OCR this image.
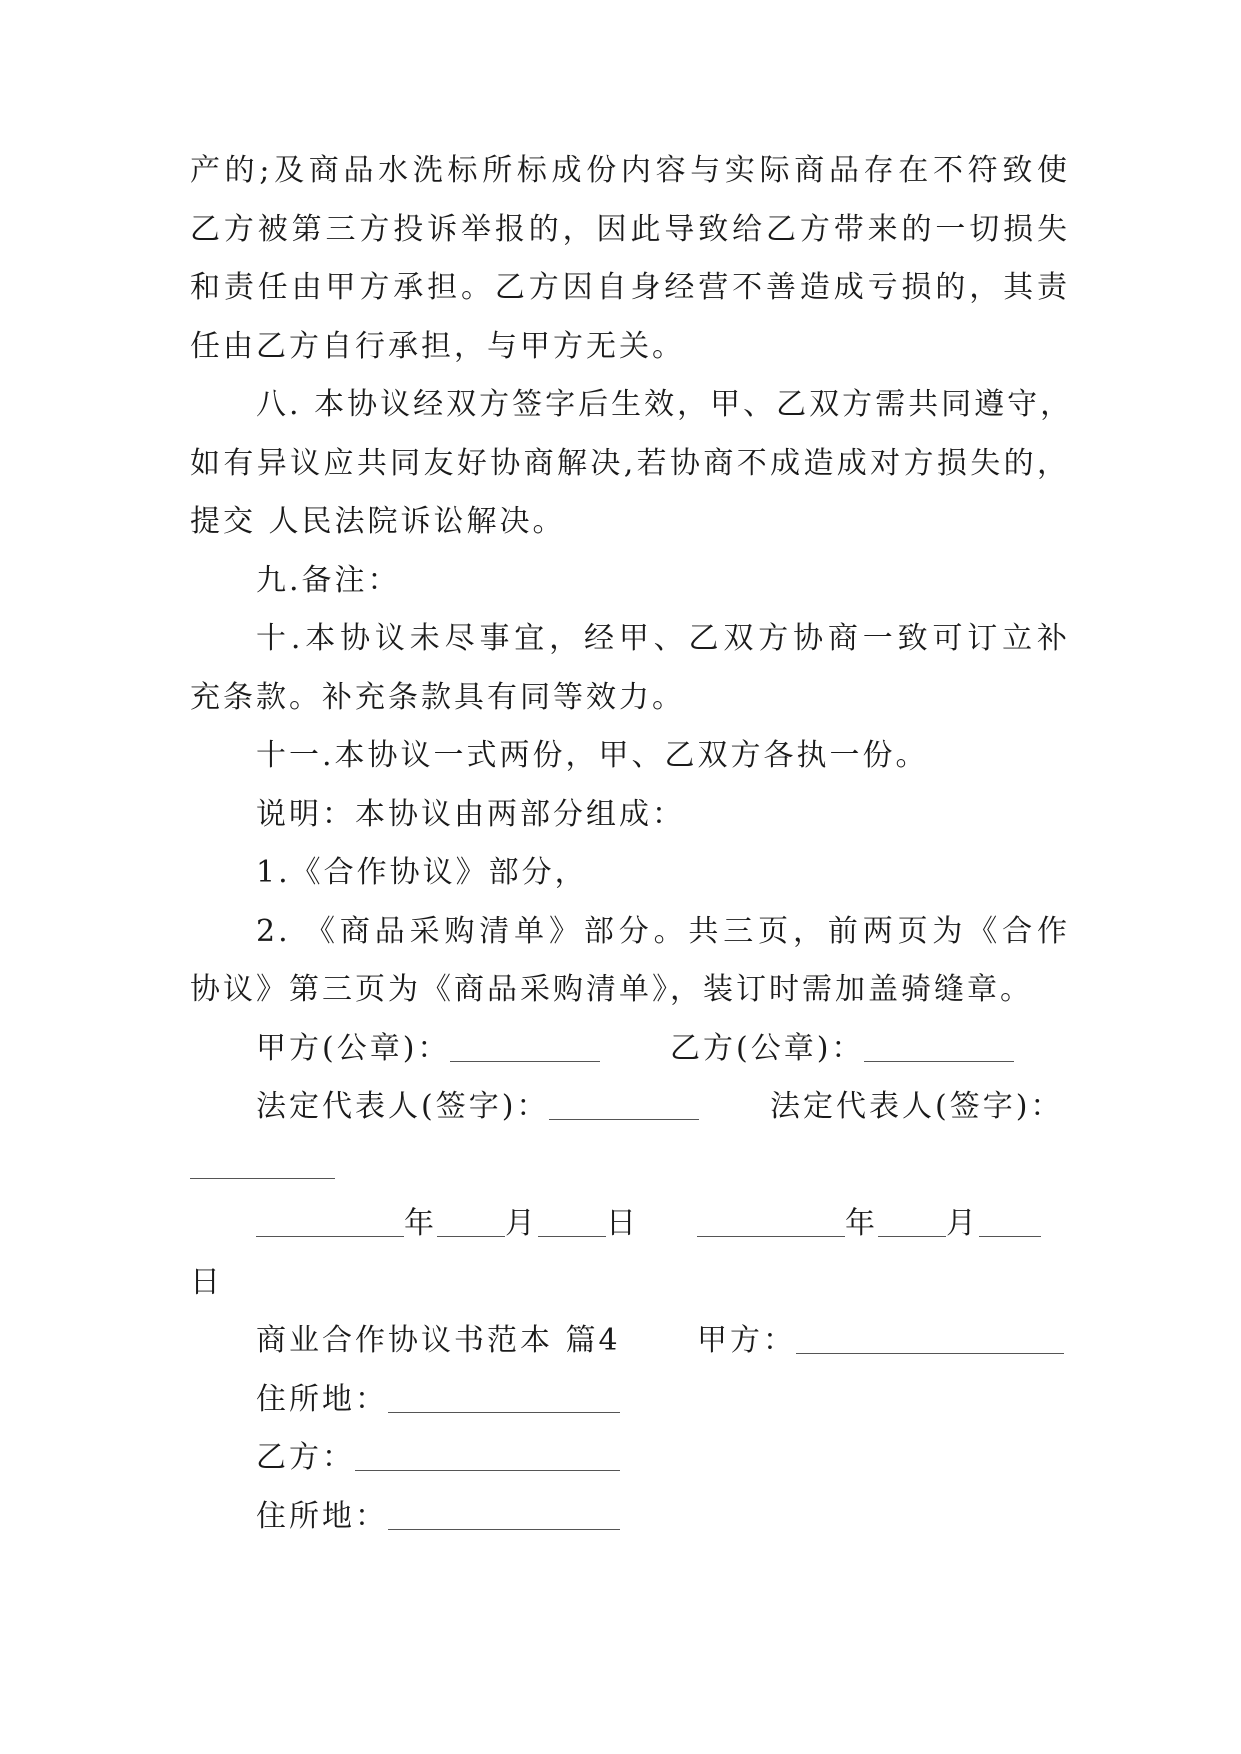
产的;及商品水洗标所标成份内容与实际商品存在不符致使
乙方被第三方投诉举报的，因此导致给乙方带来的一切损失
和责任由甲方承担。乙方因自身经营不善造成亏损的，其责
任由乙方自行承担，与甲方无关。
八. 本协议经双方签字后生效，甲、乙双方需共同遵守，
如有异议应共同友好协商解决,若协商不成造成对方损失的，
提交 人民法院诉讼解决。
九.备注：
十.本协议未尽事宜，经甲、乙双方协商一致可订立补
充条款。补充条款具有同等效力。
十一.本协议一式两份，甲、乙双方各执一份。
说明：本协议由两部分组成：
1.《合作协议》部分，
2. 《商品采购清单》部分。共三页，前两页为《合作
协议》第三页为《商品采购清单》，装订时需加盖骑缝章。
甲方(公章)：	乙方(公章)：
法定代表人(签字)：	法定代表人(签字)：
年 月 日	年 月
日
商业合作协议书范本 篇4	甲方：
住所地：
乙方：
住所地：
